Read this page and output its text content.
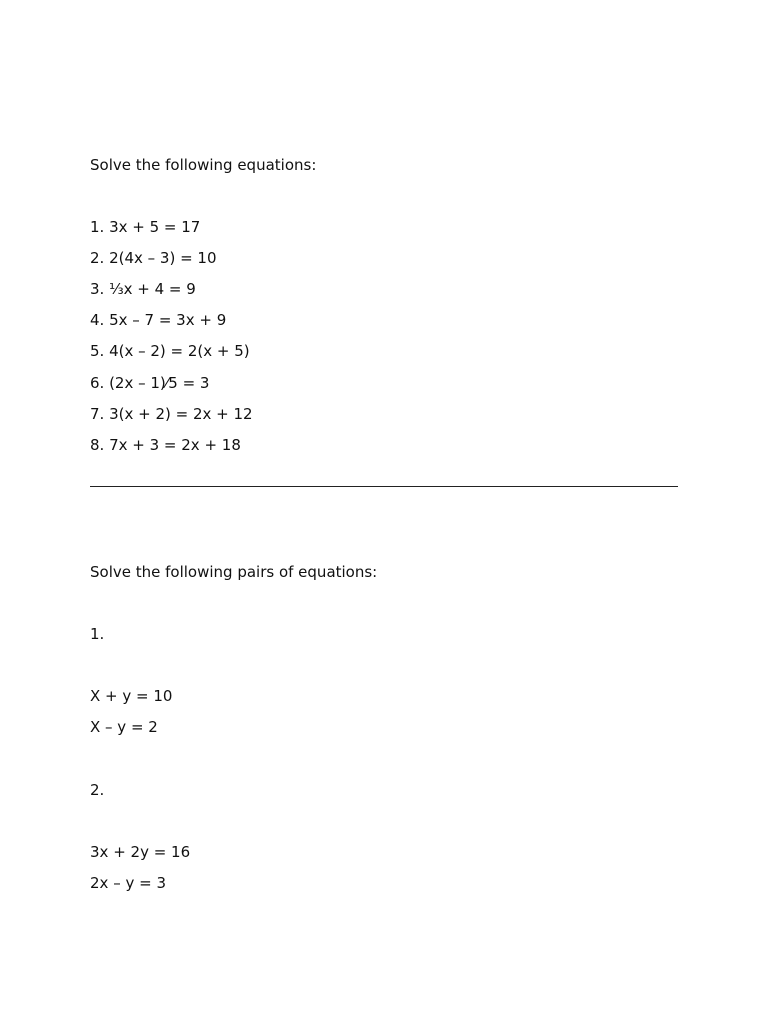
Solve the following equations:
1. 3x + 5 = 17
2. 2(4x – 3) = 10
3. ⅓x + 4 = 9
4. 5x – 7 = 3x + 9
5. 4(x – 2) = 2(x + 5)
6. (2x – 1)⁄5 = 3
7. 3(x + 2) = 2x + 12
8. 7x + 3 = 2x + 18
Solve the following pairs of equations:
1.
X + y = 10
X – y = 2
2.
3x + 2y = 16
2x – y = 3
